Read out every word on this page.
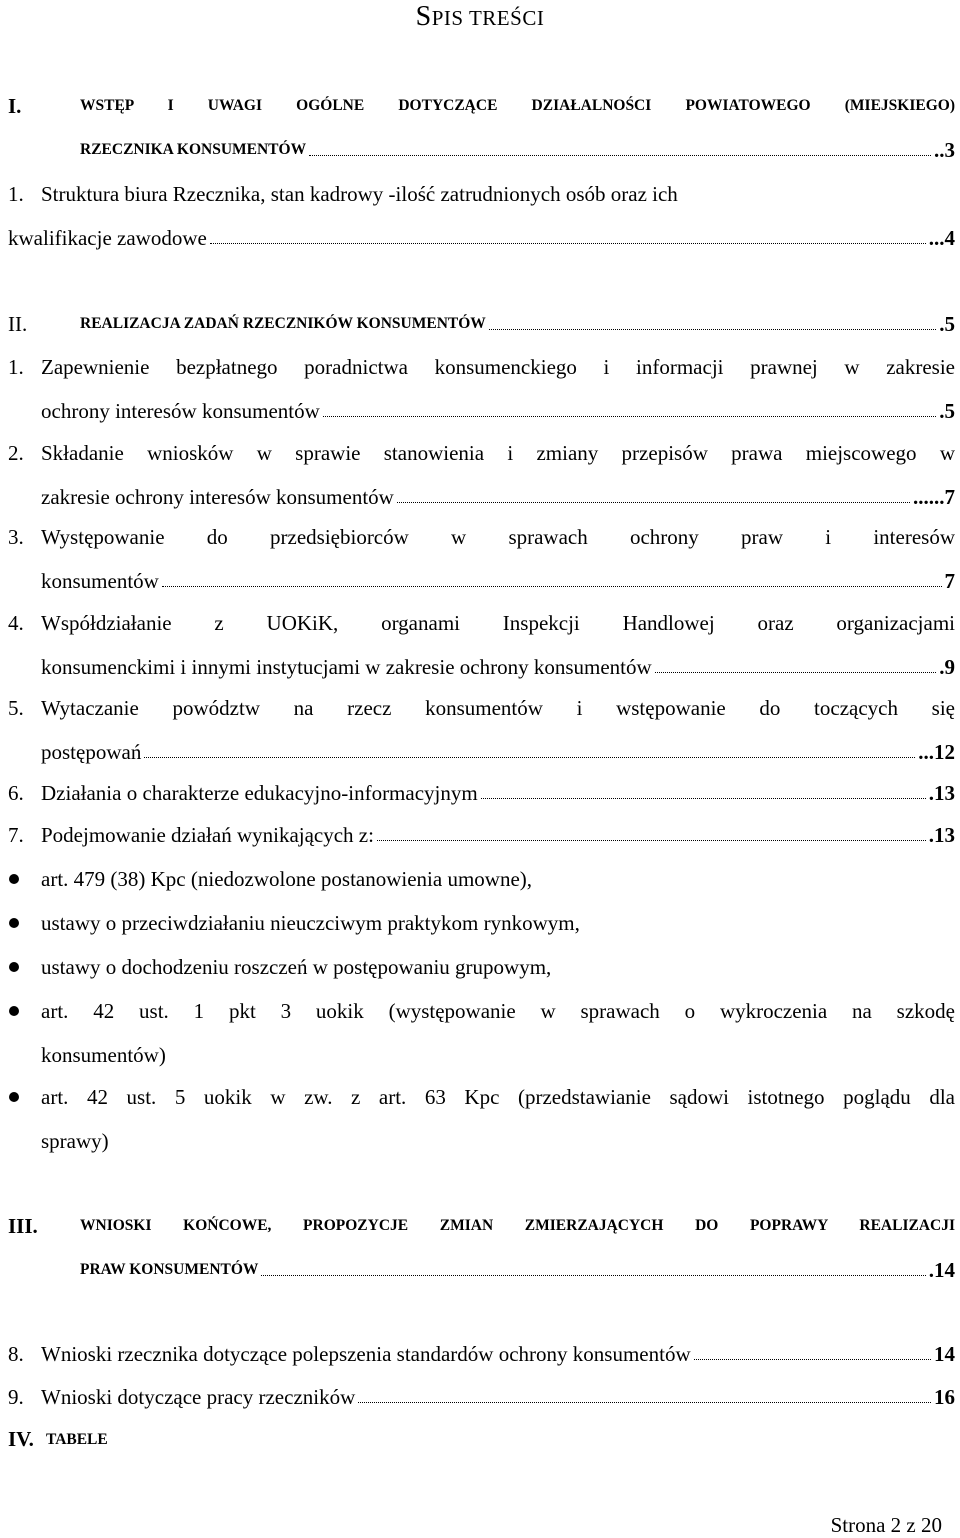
SPIS TREŚCI
I.	WSTĘP I UWAGI OGÓLNE DOTYCZĄCE DZIAŁALNOŚCI POWIATOWEGO (MIEJSKIEGO)
RZECZNIKA KONSUMENTÓW	..3
1. Struktura biura Rzecznika, stan kadrowy -ilość zatrudnionych osób oraz ich
kwalifikacje zawodowe	...4
II.	REALIZACJA ZADAŃ RZECZNIKÓW KONSUMENTÓW	.5
1. Zapewnienie bezpłatnego poradnictwa konsumenckiego i informacji prawnej w zakresie
ochrony interesów konsumentów	.5
2. Składanie wniosków w sprawie stanowienia i zmiany przepisów prawa miejscowego w
zakresie ochrony interesów konsumentów	......7
3. Występowanie do przedsiębiorców w sprawach ochrony praw i interesów
konsumentów	7
4. Współdziałanie z UOKiK, organami Inspekcji Handlowej oraz organizacjami
konsumenckimi i innymi instytucjami w zakresie ochrony konsumentów	.9
5. Wytaczanie powództw na rzecz konsumentów i wstępowanie do toczących się
postępowań	...12
6. Działania o charakterze edukacyjno-informacyjnym	.13
7. Podejmowanie działań wynikających z:	.13
art. 479 (38) Kpc (niedozwolone postanowienia umowne),
ustawy o przeciwdziałaniu nieuczciwym praktykom rynkowym,
ustawy o dochodzeniu roszczeń w postępowaniu grupowym,
art. 42 ust. 1 pkt 3 uokik (występowanie w sprawach o wykroczenia na szkodę
konsumentów)
art. 42 ust. 5 uokik w zw. z art. 63 Kpc (przedstawianie sądowi istotnego poglądu dla
sprawy)
III.	WNIOSKI KOŃCOWE, PROPOZYCJE ZMIAN ZMIERZAJĄCYCH DO POPRAWY REALIZACJI
PRAW KONSUMENTÓW	.14
8. Wnioski rzecznika dotyczące polepszenia standardów ochrony konsumentów	14
9. Wnioski dotyczące pracy rzeczników	16
IV. TABELE
Strona 2 z 20
